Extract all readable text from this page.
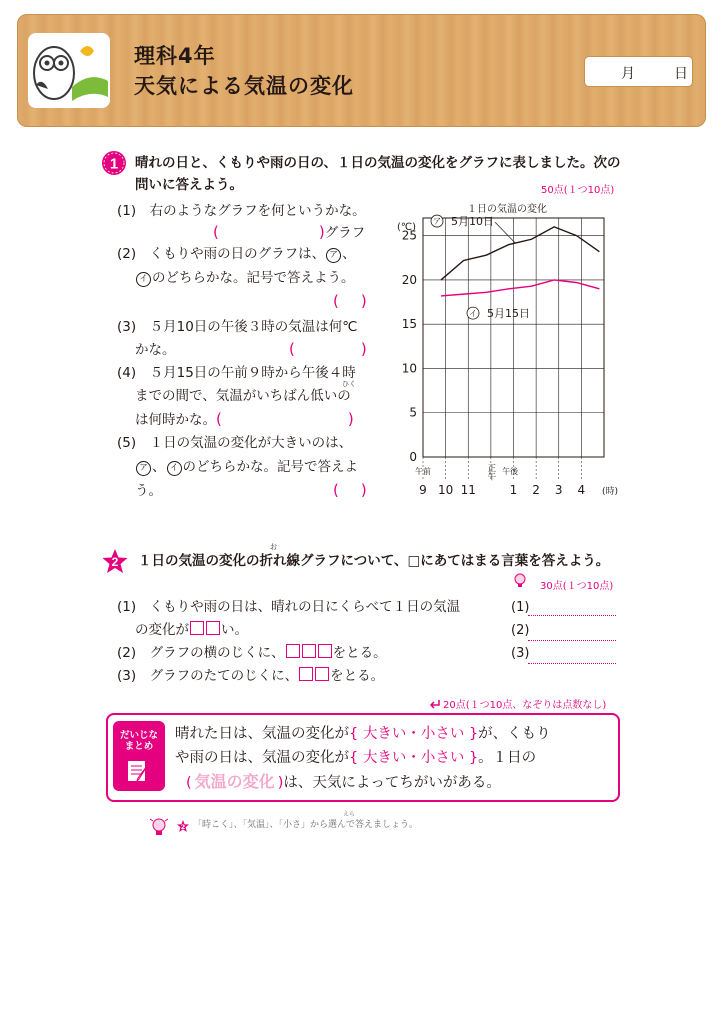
理科4年
天気による気温の変化	月	日
1 晴れの日と、くもりや雨の日の、１日の気温の変化をグラフに表しました。次の
問いに答えよう。	50点(１つ10点)
(1)　右のようなグラフを何というかな。
(	)グラフ
(2)　くもりや雨の日のグラフは、 ア 、
イ のどちらかな。記号で答えよう。
( )
(3)　５月10日の午後３時の気温は何℃
かな。	(	)
(4)　５月15日の午前９時から午後４時
ひく
までの間で、気温がいちばん低いの
は何時かな。(	)
(5)　１日の気温の変化が大きいのは、
ア 、 イ のどちらかな。記号で答えよ
う。	( )
１日の気温の変化
(℃)
0
5
10
15
20
25
9 10 11	1 2 3 4
午前	正午 午後
(時)
ア 5月10日
イ 5月15日
2
お
１日の気温の変化の折れ線グラフについて、□にあてはまる言葉を答えよう。
30点(１つ10点)
(1)　くもりや雨の日は、晴れの日にくらべて１日の気温
の変化が い。
(2)　グラフの横のじくに、	をとる。
(3)　グラフのたてのじくに、 をとる。
(1)
(2)
(3)
20点(１つ10点、なぞりは点数なし)
だいじな
まとめ
晴れた日は、気温の変化が{ 大きい・小さい }が、くもり
や雨の日は、気温の変化が{ 大きい・小さい }。１日の
( 気温の変化 )は、天気によってちがいがある。
2
えら
「時こく」、「気温」、「小さ」から選んで答えましょう。
